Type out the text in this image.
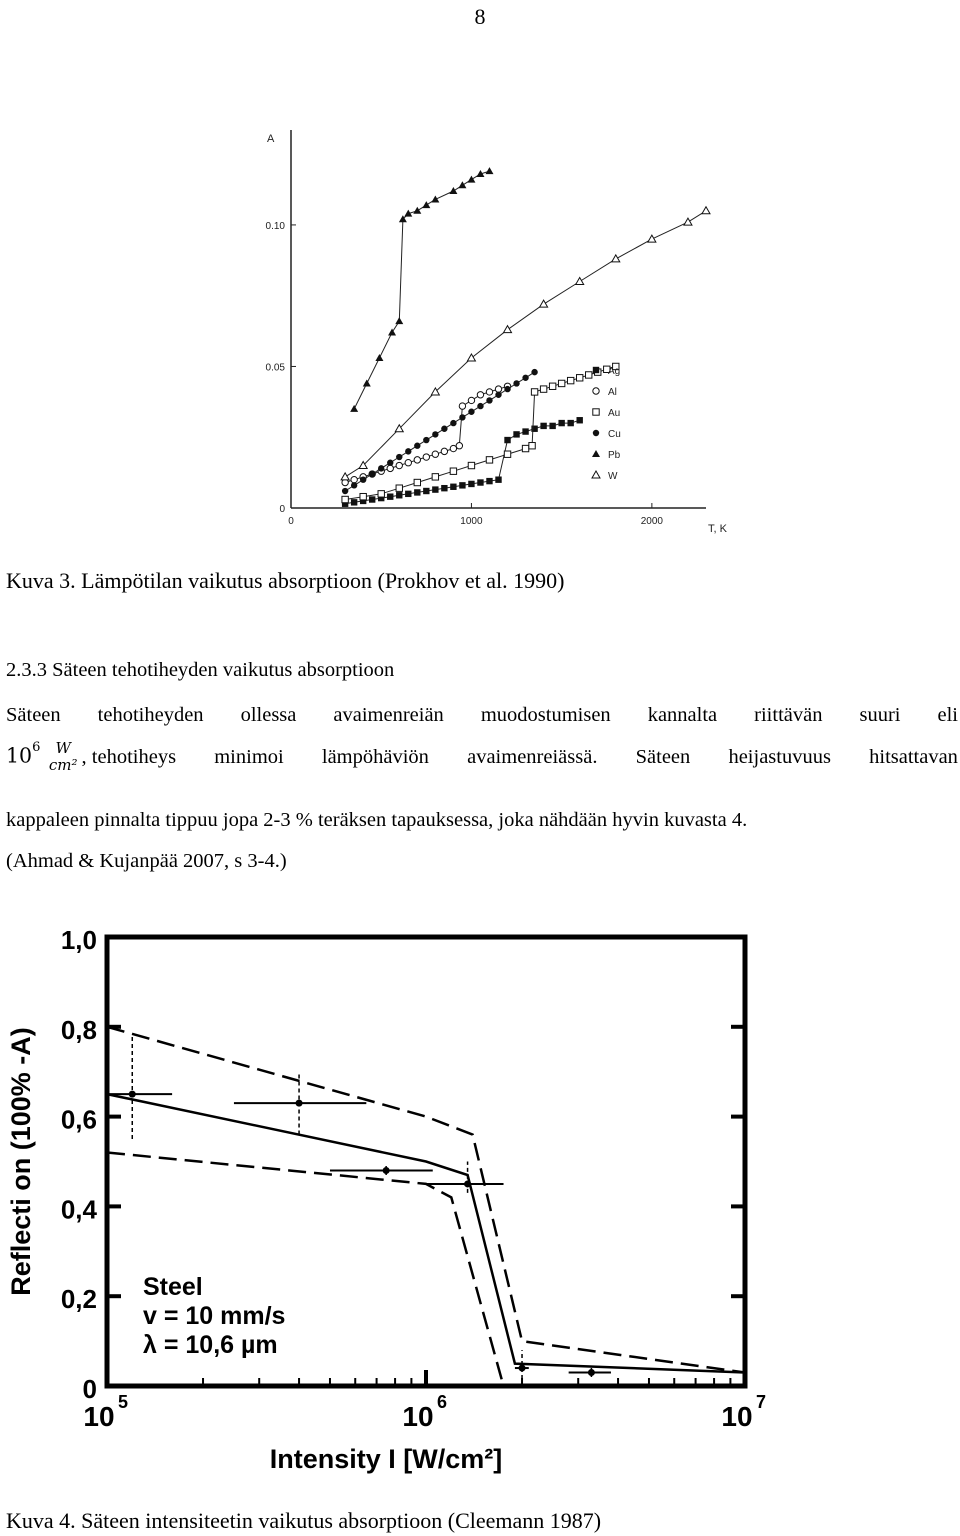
8
A
T, K
0
0.05
0.10
0	1000	2000
Ag
Al
Au
Cu
Pb
W
Kuva 3. Lämpötilan vaikutus absorptioon (Prokhov et al. 1990)
2.3.3 Säteen tehotiheyden vaikutus absorptioon
Säteen tehotiheyden ollessa avaimenreiän muodostumisen kannalta riittävän suuri eli
$10^6$	W
cm² , tehotiheys minimoi lämpöhäviön avaimenreiässä. Säteen heijastuvuus hitsattavan
kappaleen pinnalta tippuu jopa 2-3 % teräksen tapauksessa, joka nähdään hyvin kuvasta 4.
(Ahmad & Kujanpää 2007, s 3-4.)
0
0,2
0,4
0,6
0,8
1,0
10 5	10 6	10 7
Intensity I [W/cm²]
Reflecti on (100% -A)	Steel
v = 10 mm/s
λ = 10,6 µm
Kuva 4. Säteen intensiteetin vaikutus absorptioon (Cleemann 1987)
